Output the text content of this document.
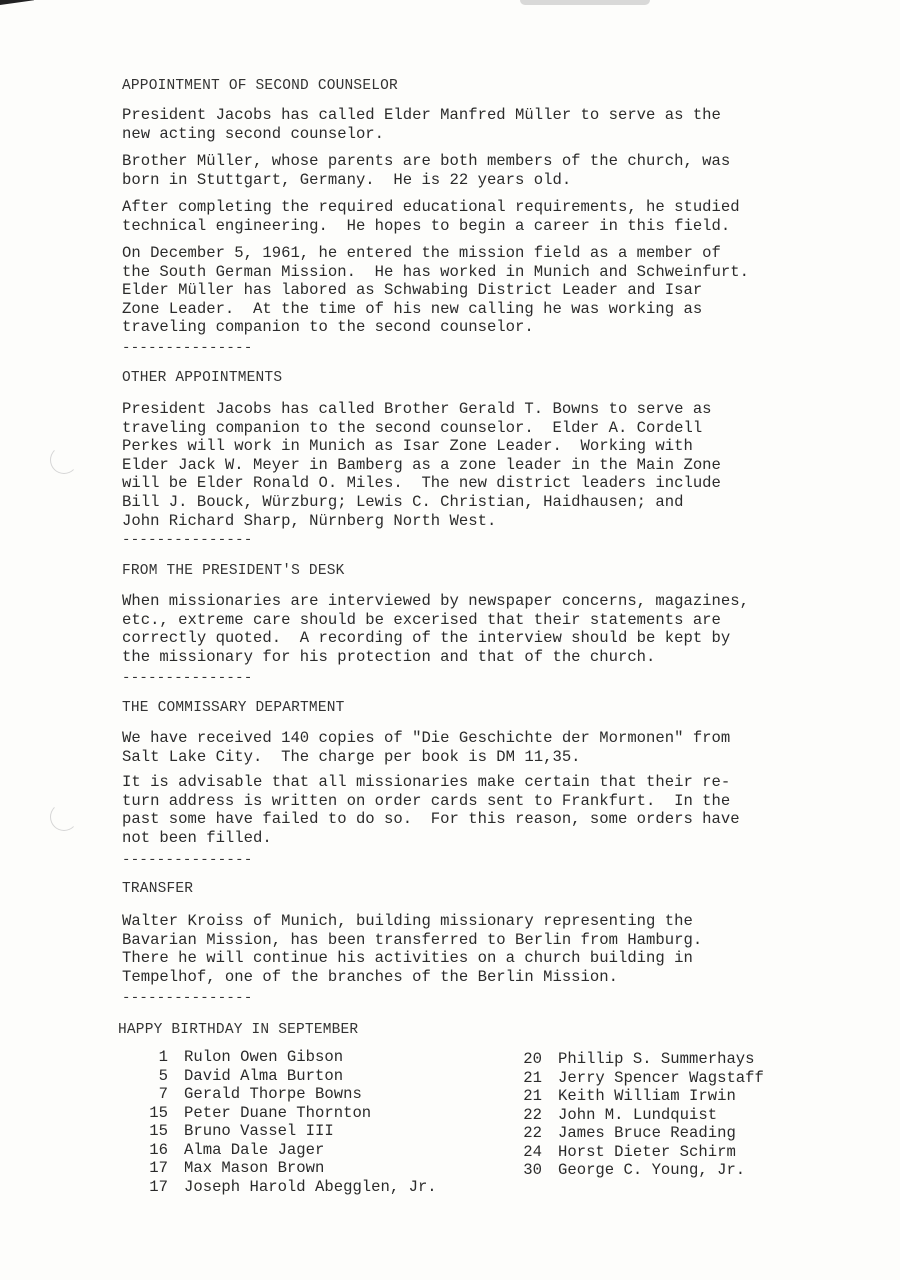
APPOINTMENT OF SECOND COUNSELOR

President Jacobs has called Elder Manfred Müller to serve as the
new acting second counselor.

Brother Müller, whose parents are both members of the church, was
born in Stuttgart, Germany.  He is 22 years old.

After completing the required educational requirements, he studied
technical engineering.  He hopes to begin a career in this field.

On December 5, 1961, he entered the mission field as a member of
the South German Mission.  He has worked in Munich and Schweinfurt.
Elder Müller has labored as Schwabing District Leader and Isar
Zone Leader.  At the time of his new calling he was working as
traveling companion to the second counselor.

---------------
OTHER APPOINTMENTS

President Jacobs has called Brother Gerald T. Bowns to serve as
traveling companion to the second counselor.  Elder A. Cordell
Perkes will work in Munich as Isar Zone Leader.  Working with
Elder Jack W. Meyer in Bamberg as a zone leader in the Main Zone
will be Elder Ronald O. Miles.  The new district leaders include
Bill J. Bouck, Würzburg; Lewis C. Christian, Haidhausen; and
John Richard Sharp, Nürnberg North West.

---------------
FROM THE PRESIDENT'S DESK

When missionaries are interviewed by newspaper concerns, magazines,
etc., extreme care should be excerised that their statements are
correctly quoted.  A recording of the interview should be kept by
the missionary for his protection and that of the church.

---------------
THE COMMISSARY DEPARTMENT

We have received 140 copies of "Die Geschichte der Mormonen" from
Salt Lake City.  The charge per book is DM 11,35.

It is advisable that all missionaries make certain that their re-
turn address is written on order cards sent to Frankfurt.  In the
past some have failed to do so.  For this reason, some orders have
not been filled.

---------------
TRANSFER

Walter Kroiss of Munich, building missionary representing the
Bavarian Mission, has been transferred to Berlin from Hamburg.
There he will continue his activities on a church building in
Tempelhof, one of the branches of the Berlin Mission.

---------------
HAPPY BIRTHDAY IN SEPTEMBER
1	Rulon Owen Gibson
5	David Alma Burton
7	Gerald Thorpe Bowns
15	Peter Duane Thornton
15	Bruno Vassel III
16	Alma Dale Jager
17	Max Mason Brown
17	Joseph Harold Abegglen, Jr.
20	Phillip S. Summerhays
21	Jerry Spencer Wagstaff
21	Keith William Irwin
22	John M. Lundquist
22	James Bruce Reading
24	Horst Dieter Schirm
30	George C. Young, Jr.
